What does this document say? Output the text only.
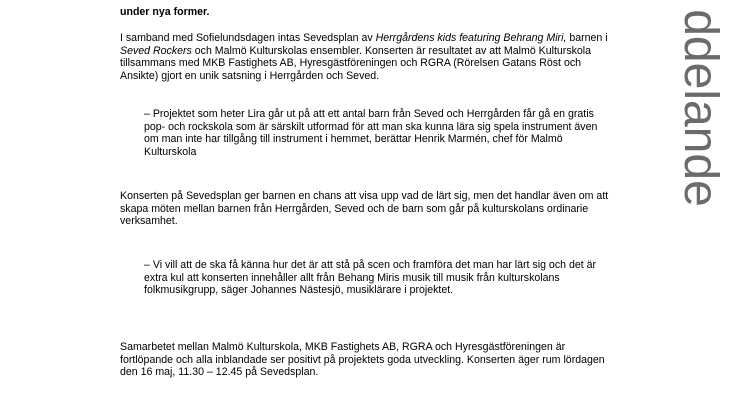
under nya former.

I samband med Sofielundsdagen intas Sevedsplan av Herrgårdens kids featuring Behrang Miri, barnen i Seved Rockers och Malmö Kulturskolas ensembler. Konserten är resultatet av att Malmö Kulturskola tillsammans med MKB Fastighets AB, Hyresgästföreningen och RGRA (Rörelsen Gatans Röst och Ansikte) gjort en unik satsning i Herrgården och Seved.

– Projektet som heter Lira går ut på att ett antal barn från Seved och Herrgården får gå en gratis pop- och rockskola som är särskilt utformad för att man ska kunna lära sig spela instrument även om man inte har tillgång till instrument i hemmet, berättar Henrik Marmén, chef för Malmö Kulturskola

Konserten på Sevedsplan ger barnen en chans att visa upp vad de lärt sig, men det handlar även om att skapa möten mellan barnen från Herrgården, Seved och de barn som går på kulturskolans ordinarie verksamhet.

– Vi vill att de ska få känna hur det är att stå på scen och framföra det man har lärt sig och det är extra kul att konserten innehåller allt från Behang Miris musik till musik från kulturskolans folkmusikgrupp, säger Johannes Nästesjö, musiklärare i projektet.

Samarbetet mellan Malmö Kulturskola, MKB Fastighets AB, RGRA och Hyresgästföreningen är fortlöpande och alla inblandade ser positivt på projektets goda utveckling. Konserten äger rum lördagen den 16 maj, 11.30 – 12.45 på Sevedsplan.

ddelande
